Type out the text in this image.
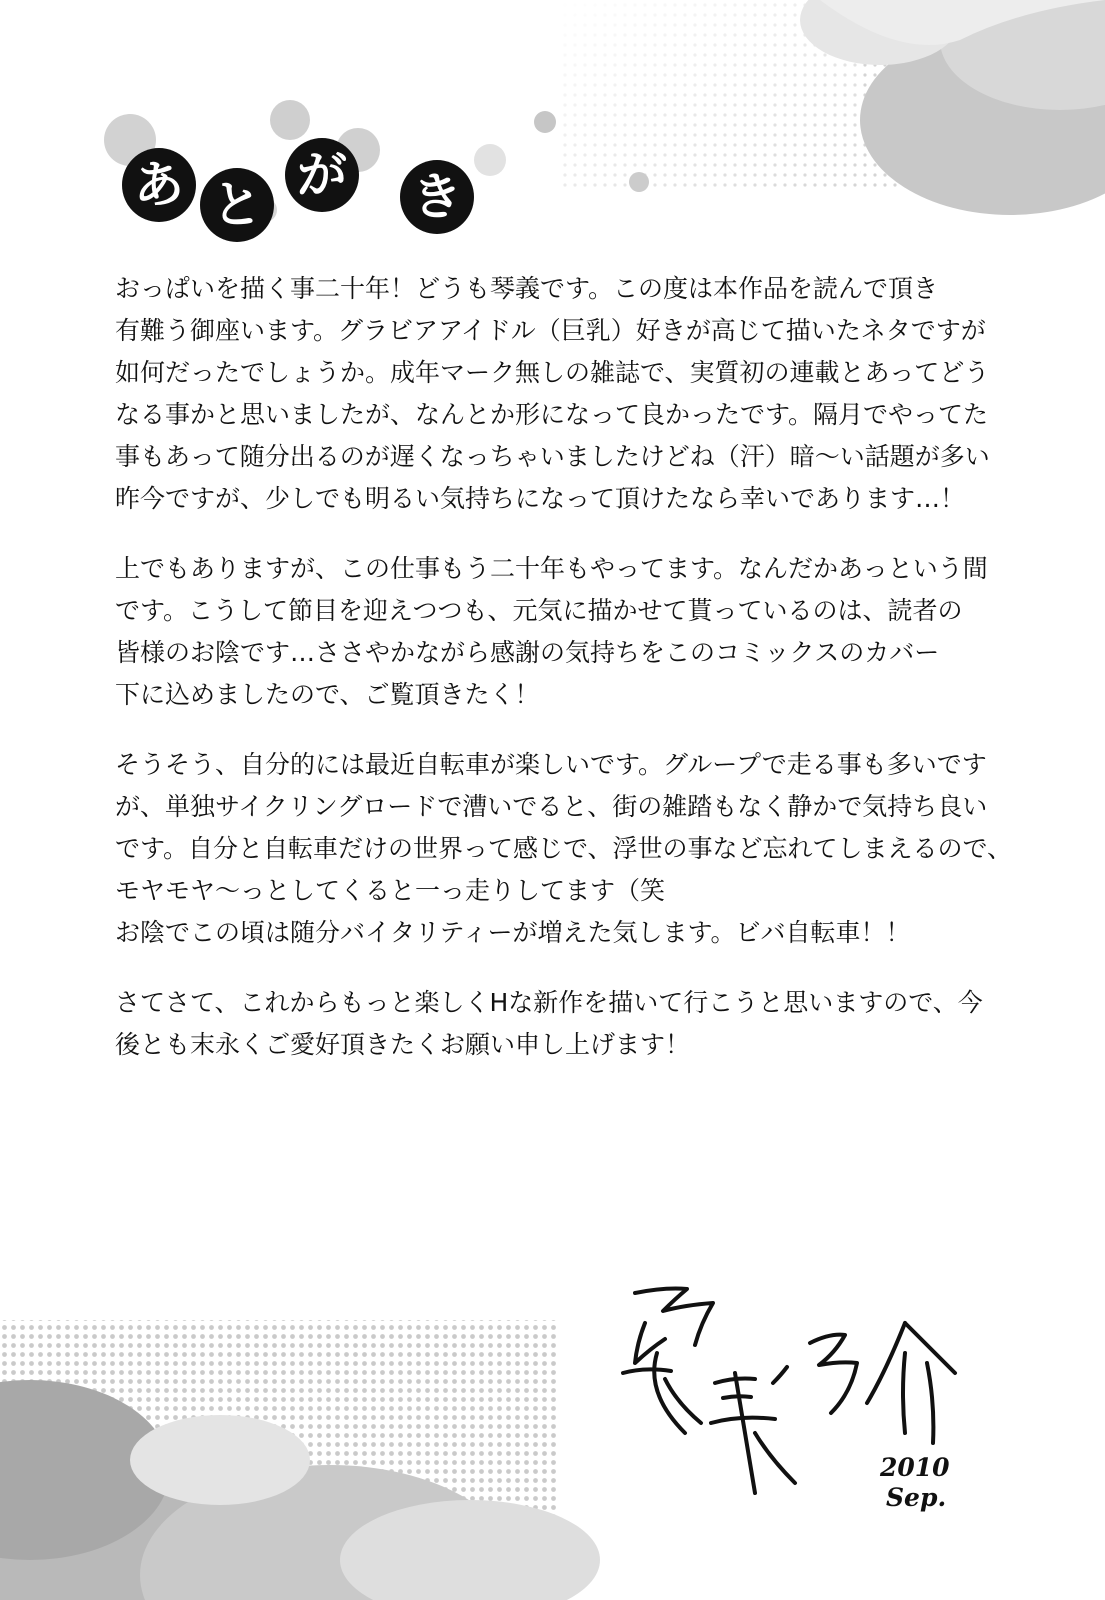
あ と
が き
おっぱいを描く事二十年！どうも琴義です。この度は本作品を読んで頂き
有難う御座います。グラビアアイドル（巨乳）好きが高じて描いたネタですが
如何だったでしょうか。成年マーク無しの雑誌で、実質初の連載とあってどう
なる事かと思いましたが、なんとか形になって良かったです。隔月でやってた
事もあって随分出るのが遅くなっちゃいましたけどね（汗）暗〜い話題が多い
昨今ですが、少しでも明るい気持ちになって頂けたなら幸いであります…！
上でもありますが、この仕事もう二十年もやってます。なんだかあっという間
です。こうして節目を迎えつつも、元気に描かせて貰っているのは、読者の
皆様のお陰です…ささやかながら感謝の気持ちをこのコミックスのカバー
下に込めましたので、ご覧頂きたく！
そうそう、自分的には最近自転車が楽しいです。グループで走る事も多いです
が、単独サイクリングロードで漕いでると、街の雑踏もなく静かで気持ち良い
です。自分と自転車だけの世界って感じで、浮世の事など忘れてしまえるので、
モヤモヤ〜っとしてくると一っ走りしてます（笑
お陰でこの頃は随分バイタリティーが増えた気します。ビバ自転車！！
さてさて、これからもっと楽しくHな新作を描いて行こうと思いますので、今
後とも末永くご愛好頂きたくお願い申し上げます！
2010
Sep.
